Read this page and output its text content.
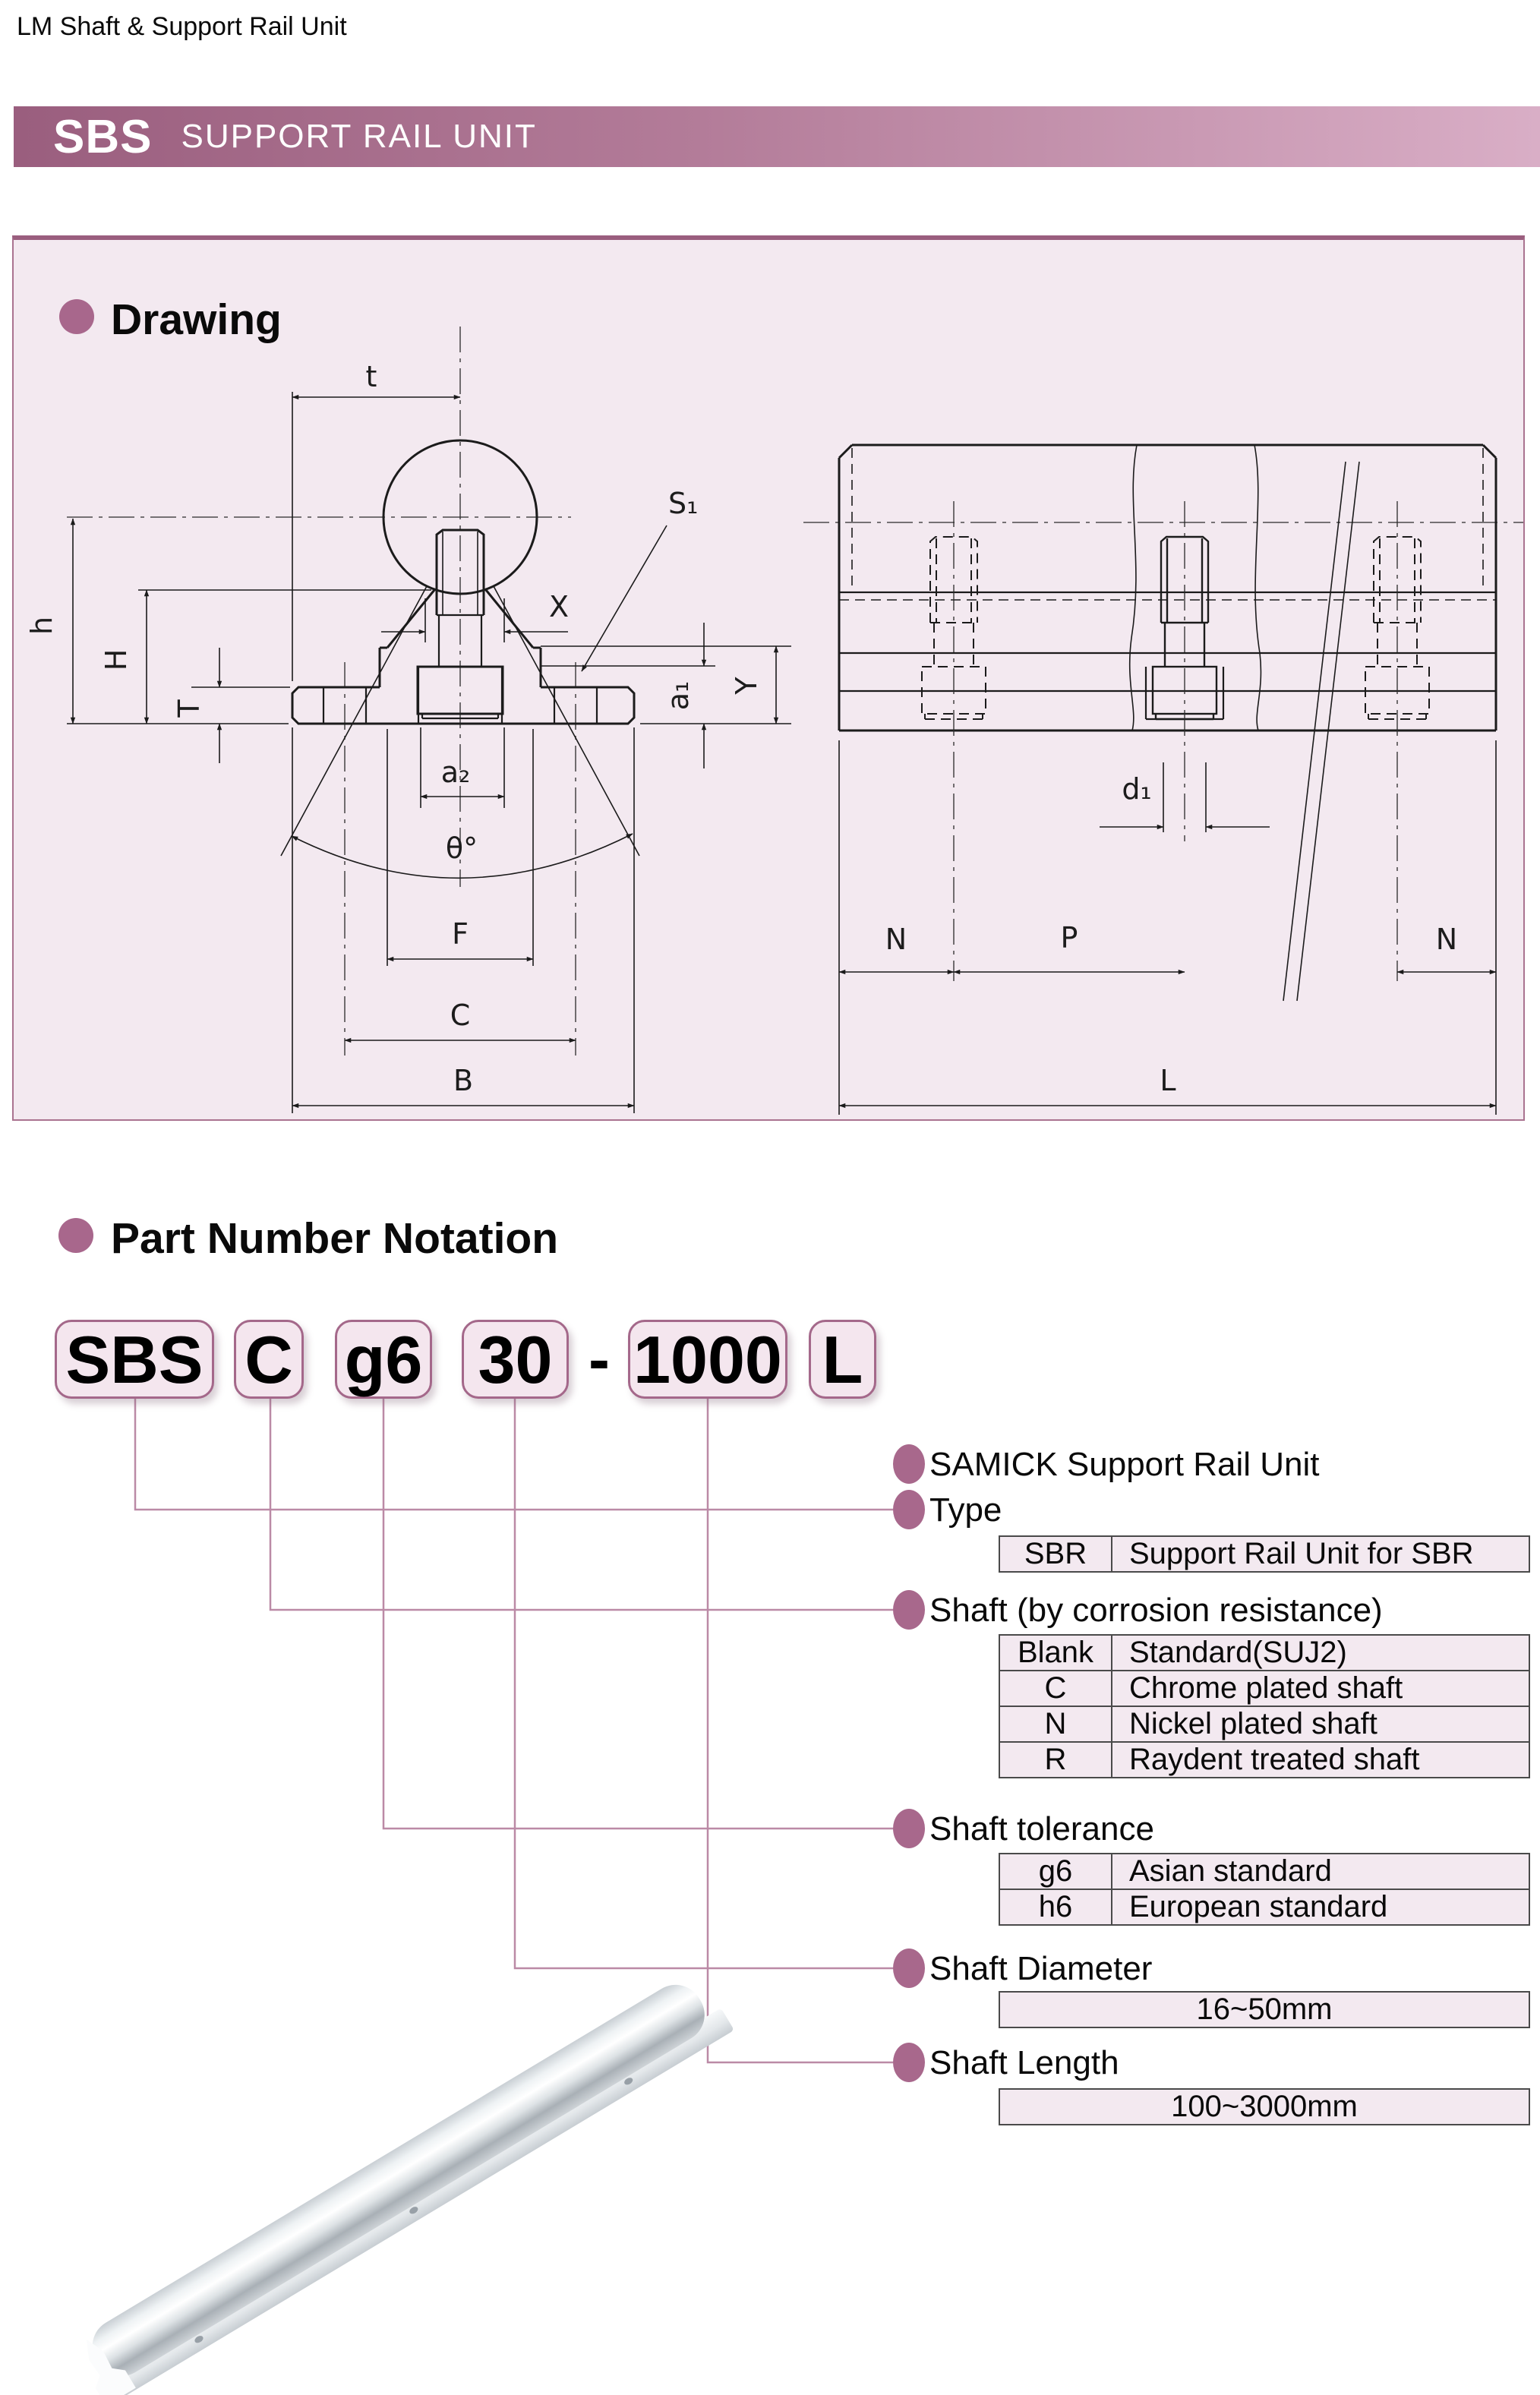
LM Shaft & Support Rail Unit
SBS SUPPORT RAIL UNIT
Drawing
t
h
H
T
X
S₁
a₁ Y
a₂
θ°
F
C
B
d₁
N	P	N
L
Part Number Notation
SBS C g6 30 - 1000 L
SAMICK Support Rail Unit
Type
SBR	Support Rail Unit for SBR
Shaft (by corrosion resistance)
Blank	Standard(SUJ2)
C	Chrome plated shaft
N	Nickel plated shaft
R	Raydent treated shaft
Shaft tolerance
g6	Asian standard
h6	European standard
Shaft Diameter
16~50mm
Shaft Length
100~3000mm
